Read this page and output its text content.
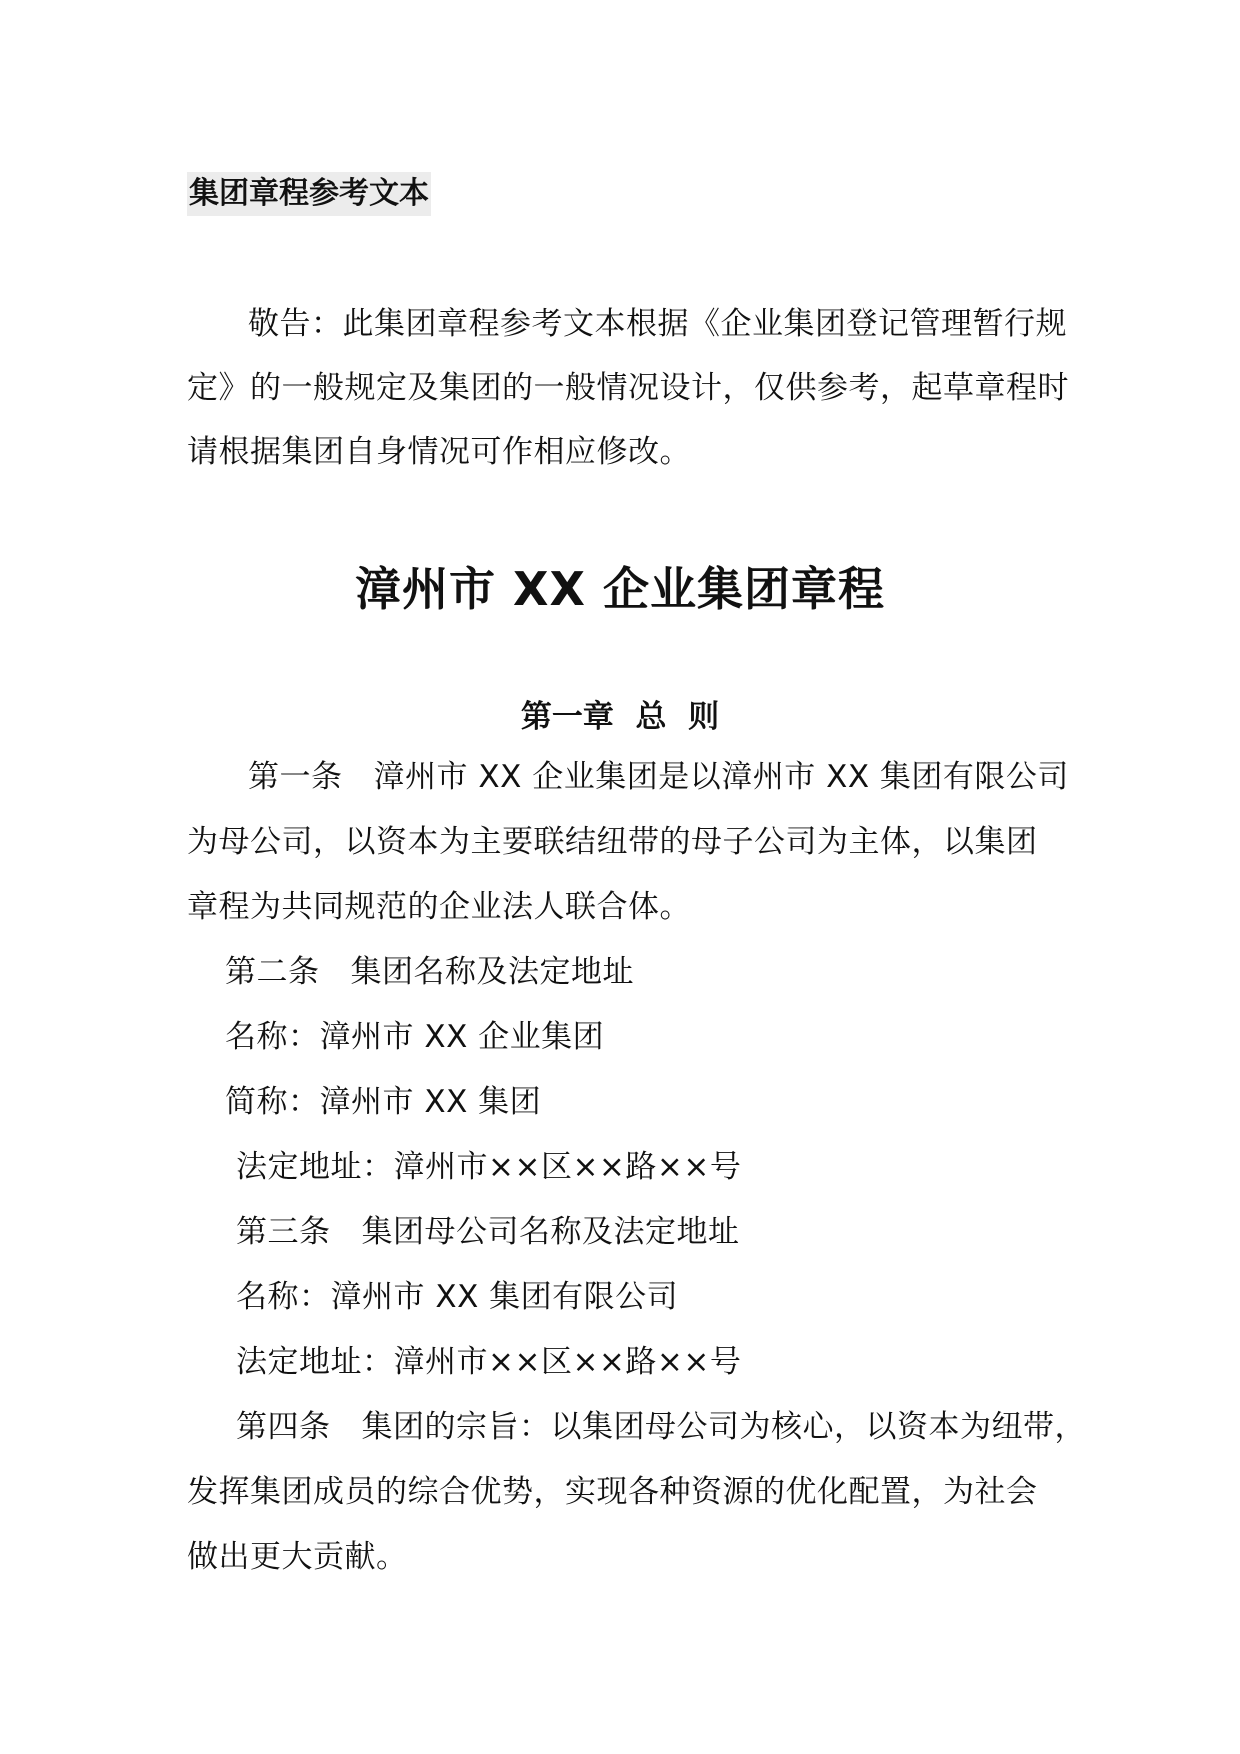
集团章程参考文本
敬告：此集团章程参考文本根据《企业集团登记管理暂行规
定》的一般规定及集团的一般情况设计，仅供参考，起草章程时
请根据集团自身情况可作相应修改。
漳州市 XX 企业集团章程
第一章  总  则
第一条   漳州市 XX 企业集团是以漳州市 XX 集团有限公司
为母公司，以资本为主要联结纽带的母子公司为主体，以集团
章程为共同规范的企业法人联合体。
第二条   集团名称及法定地址
名称：漳州市 XX 企业集团
简称：漳州市 XX 集团
法定地址：漳州市××区××路××号
第三条   集团母公司名称及法定地址
名称：漳州市 XX 集团有限公司
法定地址：漳州市××区××路××号
第四条   集团的宗旨：以集团母公司为核心，以资本为纽带，
发挥集团成员的综合优势，实现各种资源的优化配置，为社会
做出更大贡献。
